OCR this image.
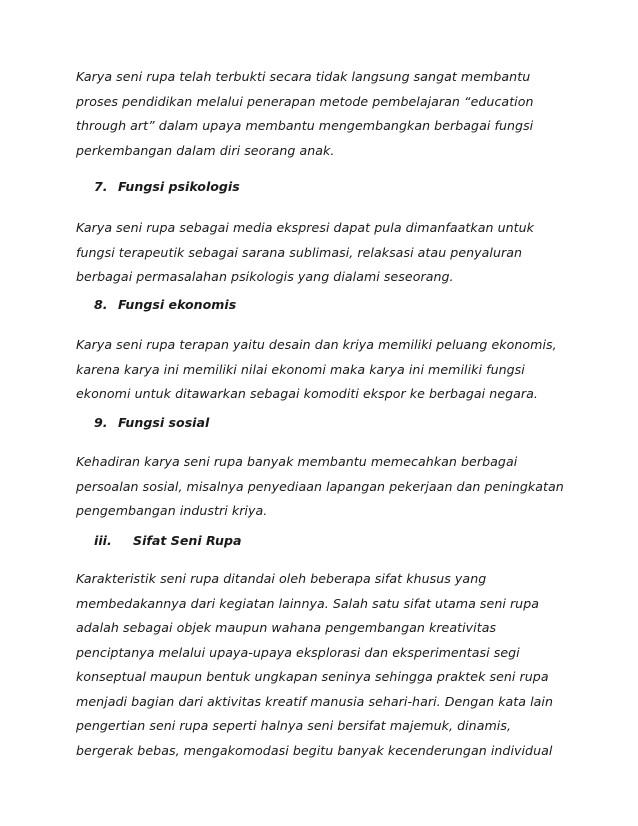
Karya seni rupa telah terbukti secara tidak langsung sangat membantu
proses pendidikan melalui penerapan metode pembelajaran “education
through art” dalam upaya membantu mengembangkan berbagai fungsi
perkembangan dalam diri seorang anak.

7. Fungsi psikologis

Karya seni rupa sebagai media ekspresi dapat pula dimanfaatkan untuk
fungsi terapeutik sebagai sarana sublimasi, relaksasi atau penyaluran
berbagai permasalahan psikologis yang dialami seseorang.

8. Fungsi ekonomis

Karya seni rupa terapan yaitu desain dan kriya memiliki peluang ekonomis,
karena karya ini memiliki nilai ekonomi maka karya ini memiliki fungsi
ekonomi untuk ditawarkan sebagai komoditi ekspor ke berbagai negara.

9. Fungsi sosial

Kehadiran karya seni rupa banyak membantu memecahkan berbagai
persoalan sosial, misalnya penyediaan lapangan pekerjaan dan peningkatan
pengembangan industri kriya.

iii. Sifat Seni Rupa

Karakteristik seni rupa ditandai oleh beberapa sifat khusus yang
membedakannya dari kegiatan lainnya. Salah satu sifat utama seni rupa
adalah sebagai objek maupun wahana pengembangan kreativitas
penciptanya melalui upaya-upaya eksplorasi dan eksperimentasi segi
konseptual maupun bentuk ungkapan seninya sehingga praktek seni rupa
menjadi bagian dari aktivitas kreatif manusia sehari-hari. Dengan kata lain
pengertian seni rupa seperti halnya seni bersifat majemuk, dinamis,
bergerak bebas, mengakomodasi begitu banyak kecenderungan individual
